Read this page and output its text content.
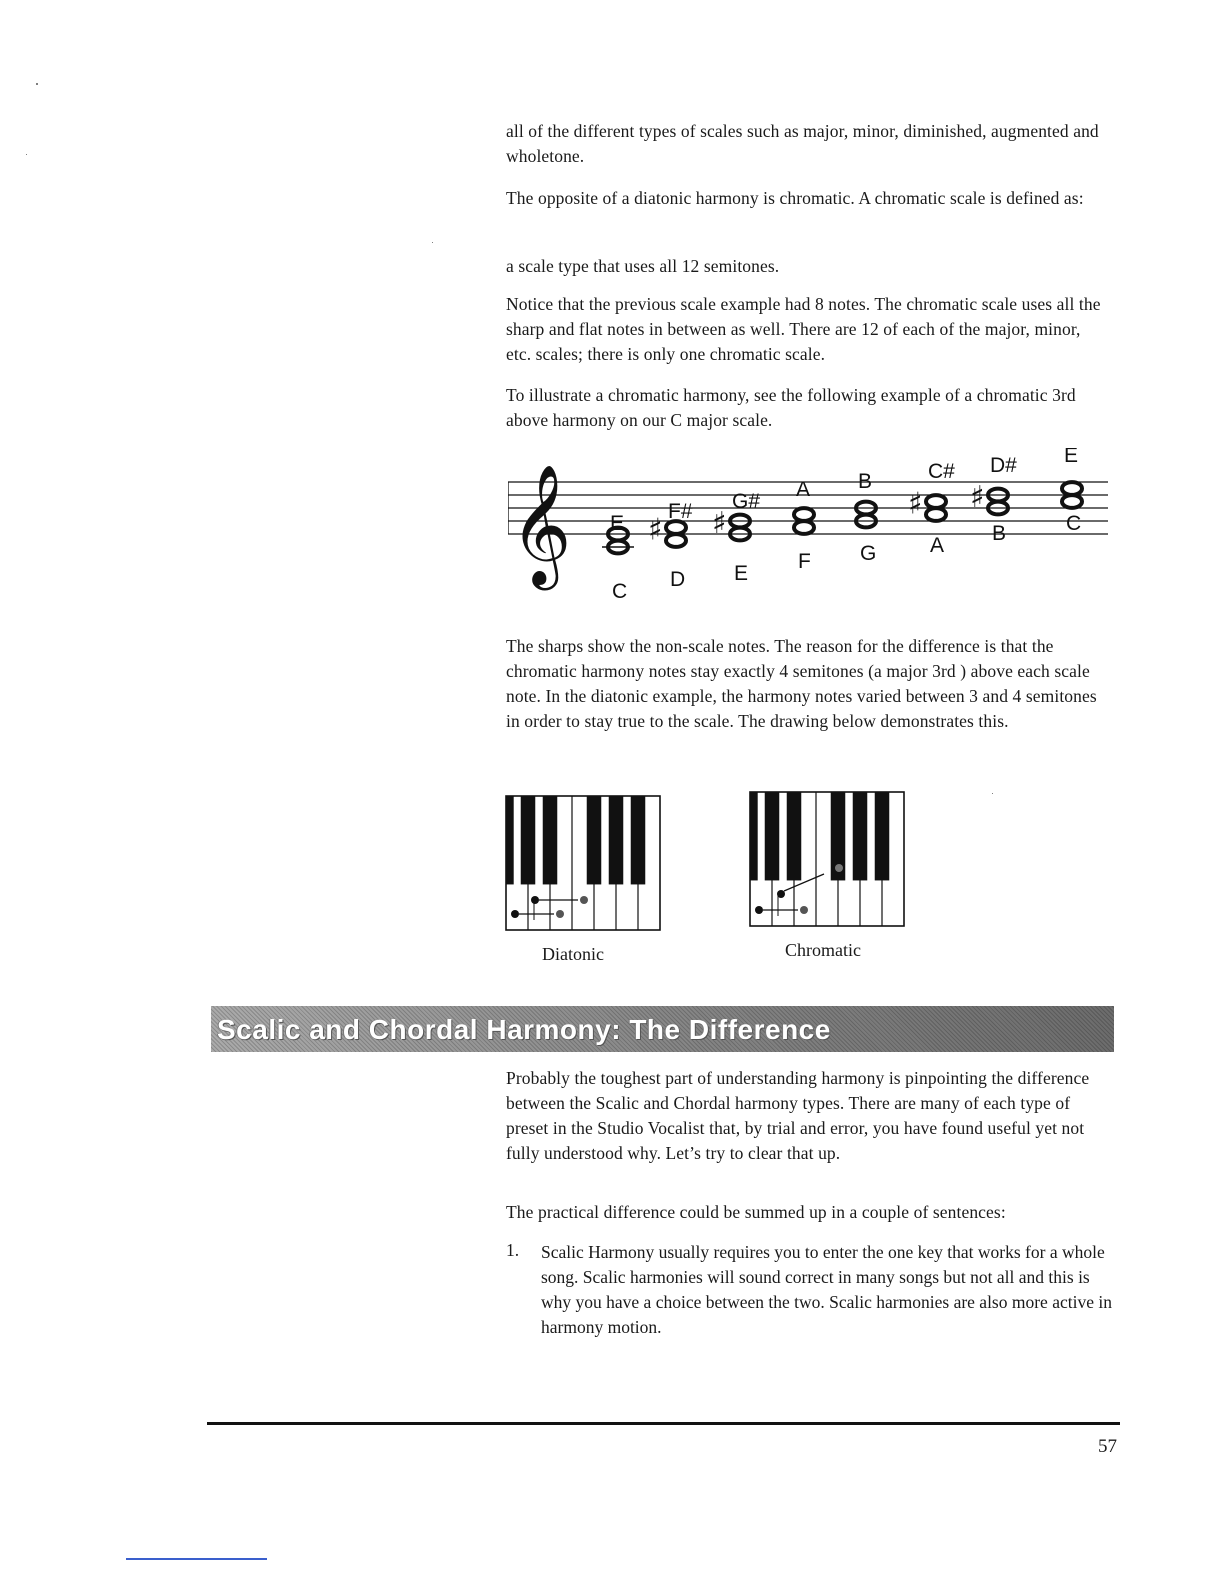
all of the different types of scales such as major, minor, diminished, augmented and wholetone.

The opposite of a diatonic harmony is chromatic. A chromatic scale is defined as:

a scale type that uses all 12 semitones.

Notice that the previous scale example had 8 notes. The chromatic scale uses all the sharp and flat notes in between as well. There are 12 of each of the major, minor, etc. scales; there is only one chromatic scale.

To illustrate a chromatic harmony, see the following example of a chromatic 3rd above harmony on our C major scale.

𝄞
C
E ♯
D
F# ♯
E
G#
F
A
G
B
♯
A
C#
♯
B
D#
C
E

The sharps show the non-scale notes. The reason for the difference is that the chromatic harmony notes stay exactly 4 semitones (a major 3rd ) above each scale note. In the diatonic example, the harmony notes varied between 3 and 4 semitones in order to stay true to the scale. The drawing below demonstrates this.

Diatonic	Chromatic
Scalic and Chordal Harmony: The Difference

Probably the toughest part of understanding harmony is pinpointing the difference between the Scalic and Chordal harmony types. There are many of each type of preset in the Studio Vocalist that, by trial and error, you have found useful yet not fully understood why. Let’s try to clear that up.

The practical difference could be summed up in a couple of sentences:

1. Scalic Harmony usually requires you to enter the one key that works for a whole song. Scalic harmonies will sound correct in many songs but not all and this is why you have a choice between the two. Scalic harmonies are also more active in harmony motion.

57
